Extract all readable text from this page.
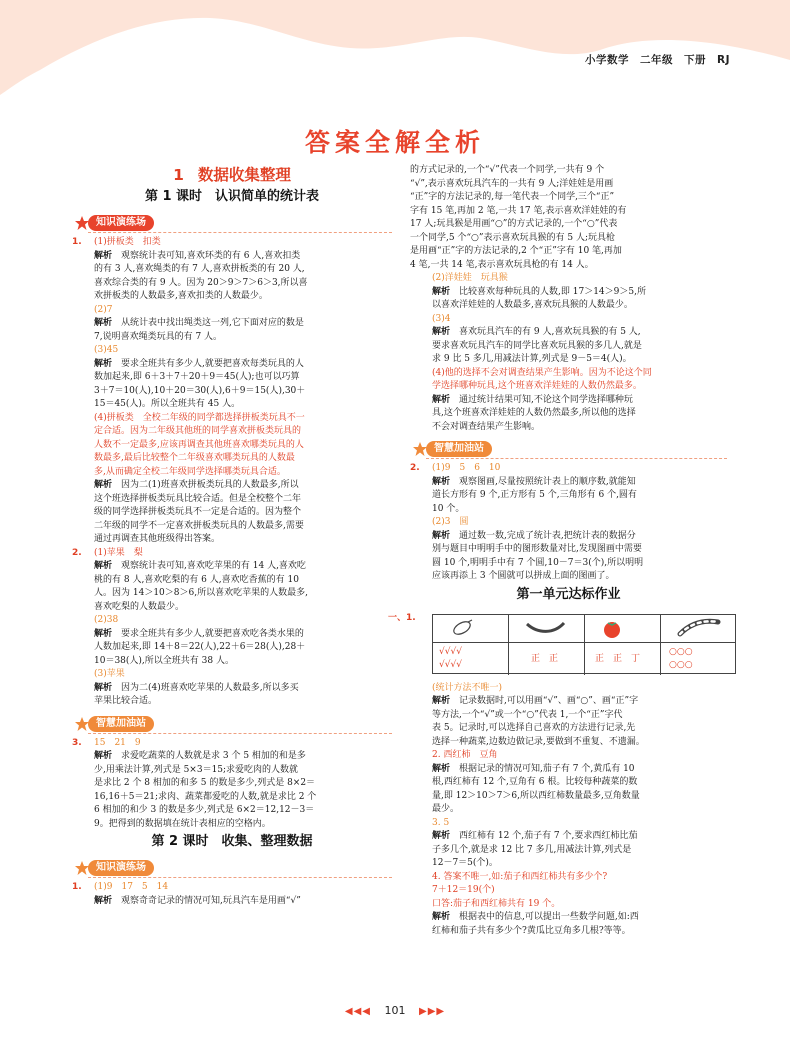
小学数学 二年级 下册 RJ
答案全解全析
1 数据收集整理
第 1 课时　认识简单的统计表
知识演练场
1. (1)拼板类　扣类
解析　 观察统计表可知,喜欢环类的有 6 人,喜欢扣类
的有 3 人,喜欢绳类的有 7 人,喜欢拼板类的有 20 人,
喜欢综合类的有 9 人。因为 20＞9＞7＞6＞3,所以喜
欢拼板类的人数最多,喜欢扣类的人数最少。
(2)7
解析　 从统计表中找出绳类这一列,它下面对应的数是
7,说明喜欢绳类玩具的有 7 人。
(3)45
解析　 要求全班共有多少人,就要把喜欢每类玩具的人
数加起来,即 6＋3＋7＋20＋9＝45(人);也可以巧算
3＋7＝10(人),10＋20＝30(人),6＋9＝15(人),30＋
15＝45(人)。所以全班共有 45 人。
(4)拼板类　全校二年级的同学都选择拼板类玩具不一
定合适。因为二年级其他班的同学喜欢拼板类玩具的
人数不一定最多,应该再调查其他班喜欢哪类玩具的人
数最多,最后比较整个二年级喜欢哪类玩具的人数最
多,从而确定全校二年级同学选择哪类玩具合适。
解析　 因为二(1)班喜欢拼板类玩具的人数最多,所以
这个班选择拼板类玩具比较合适。但是全校整个二年
级的同学选择拼板类玩具不一定是合适的。因为整个
二年级的同学不一定喜欢拼板类玩具的人数最多,需要
通过再调查其他班级得出答案。
2. (1)苹果　梨
解析　 观察统计表可知,喜欢吃苹果的有 14 人,喜欢吃
桃的有 8 人,喜欢吃梨的有 6 人,喜欢吃香蕉的有 10
人。因为 14＞10＞8＞6,所以喜欢吃苹果的人数最多,
喜欢吃梨的人数最少。
(2)38
解析　 要求全班共有多少人,就要把喜欢吃各类水果的
人数加起来,即 14＋8＝22(人),22＋6＝28(人),28＋
10＝38(人),所以全班共有 38 人。
(3)苹果
解析　 因为二(4)班喜欢吃苹果的人数最多,所以多买
苹果比较合适。
智慧加油站
3. 15　21　9
解析　 求爱吃蔬菜的人数就是求 3 个 5 相加的和是多
少,用乘法计算,列式是 5×3＝15;求爱吃肉的人数就
是求比 2 个 8 相加的和多 5 的数是多少,列式是 8×2＝
16,16＋5＝21;求肉、蔬菜都爱吃的人数,就是求比 2 个
6 相加的和少 3 的数是多少,列式是 6×2＝12,12－3＝
9。把得到的数据填在统计表相应的空格内。
第 2 课时　收集、整理数据
知识演练场
1. (1)9　17　5　14
解析　 观察奇奇记录的情况可知,玩具汽车是用画“√”
的方式记录的,一个“√”代表一个同学,一共有 9 个
“√”,表示喜欢玩具汽车的一共有 9 人;洋娃娃是用画
“正”字的方法记录的,每一笔代表一个同学,三个“正”
字有 15 笔,再加 2 笔,一共 17 笔,表示喜欢洋娃娃的有
17 人;玩具猴是用画“○”的方式记录的,一个“○”代表
一个同学,5 个“○”表示喜欢玩具猴的有 5 人;玩具枪
是用画“正”字的方法记录的,2 个“正”字有 10 笔,再加
4 笔,一共 14 笔,表示喜欢玩具枪的有 14 人。
(2)洋娃娃　玩具猴
解析　 比较喜欢每种玩具的人数,即 17＞14＞9＞5,所
以喜欢洋娃娃的人数最多,喜欢玩具猴的人数最少。
(3)4
解析　 喜欢玩具汽车的有 9 人,喜欢玩具猴的有 5 人,
要求喜欢玩具汽车的同学比喜欢玩具猴的多几人,就是
求 9 比 5 多几,用减法计算,列式是 9－5＝4(人)。
(4)他的选择不会对调查结果产生影响。因为不论这个同
学选择哪种玩具,这个班喜欢洋娃娃的人数仍然最多。
解析　 通过统计结果可知,不论这个同学选择哪种玩
具,这个班喜欢洋娃娃的人数仍然最多,所以他的选择
不会对调查结果产生影响。
智慧加油站
2. (1)9　5　6　10
解析　 观察图画,尽量按照统计表上的顺序数,就能知
道长方形有 9 个,正方形有 5 个,三角形有 6 个,圆有
10 个。
(2)3　圆
解析　 通过数一数,完成了统计表,把统计表的数据分
别与题目中明明手中的图形数量对比,发现图画中需要
圆 10 个,明明手中有 7 个圆,10－7＝3(个),所以明明
应该再添上 3 个圆就可以拼成上面的图画了。
第一单元达标作业
一、1.
√√√√
√√√√
正　正	正　正　丁
○○○
○○○
(统计方法不唯一)
解析　 记录数据时,可以用画“√”、画“○”、画“正”字
等方法,一个“√”或一个“○”代表 1,一个“正”字代
表 5。记录时,可以选择自己喜欢的方法进行记录,先
选择一种蔬菜,边数边做记录,要做到不重复、不遗漏。
2. 西红柿　豆角
解析　 根据记录的情况可知,茄子有 7 个,黄瓜有 10
根,西红柿有 12 个,豆角有 6 根。比较每种蔬菜的数
量,即 12＞10＞7＞6,所以西红柿数量最多,豆角数量
最少。
3. 5
解析　 西红柿有 12 个,茄子有 7 个,要求西红柿比茄
子多几个,就是求 12 比 7 多几,用减法计算,列式是
12－7＝5(个)。
4. 答案不唯一,如:茄子和西红柿共有多少个?
7＋12＝19(个)
口答:茄子和西红柿共有 19 个。
解析　 根据表中的信息,可以提出一些数学问题,如:西
红柿和茄子共有多少个?黄瓜比豆角多几根?等等。
◀◀◀ 101 ▶▶▶
